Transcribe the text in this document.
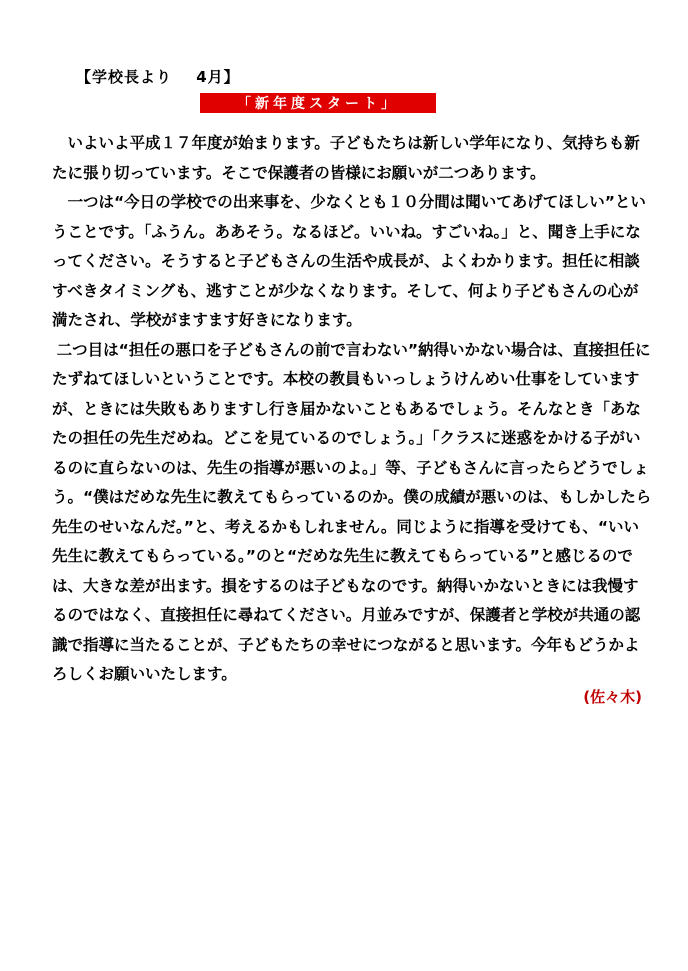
【学校長より 4月】
「新年度スタート」

いよいよ平成１７年度が始まります。子どもたちは新しい学年になり、気持ちも新たに張り切っています。そこで保護者の皆様にお願いが二つあります。

一つは“今日の学校での出来事を、少なくとも１０分間は聞いてあげてほしい”ということです。「ふうん。ああそう。なるほど。いいね。すごいね。」と、聞き上手になってください。そうすると子どもさんの生活や成長が、よくわかります。担任に相談すべきタイミングも、逃すことが少なくなります。そして、何より子どもさんの心が満たされ、学校がますます好きになります。

二つ目は“担任の悪口を子どもさんの前で言わない”納得いかない場合は、直接担任にたずねてほしいということです。本校の教員もいっしょうけんめい仕事をしていますが、ときには失敗もありますし行き届かないこともあるでしょう。そんなとき「あなたの担任の先生だめね。どこを見ているのでしょう。」「クラスに迷惑をかける子がいるのに直らないのは、先生の指導が悪いのよ。」等、子どもさんに言ったらどうでしょう。“僕はだめな先生に教えてもらっているのか。僕の成績が悪いのは、もしかしたら先生のせいなんだ。”と、考えるかもしれません。同じように指導を受けても、“いい先生に教えてもらっている。”のと“だめな先生に教えてもらっている”と感じるのでは、大きな差が出ます。損をするのは子どもなのです。納得いかないときには我慢するのではなく、直接担任に尋ねてください。月並みですが、保護者と学校が共通の認識で指導に当たることが、子どもたちの幸せにつながると思います。今年もどうかよろしくお願いいたします。

(佐々木)
